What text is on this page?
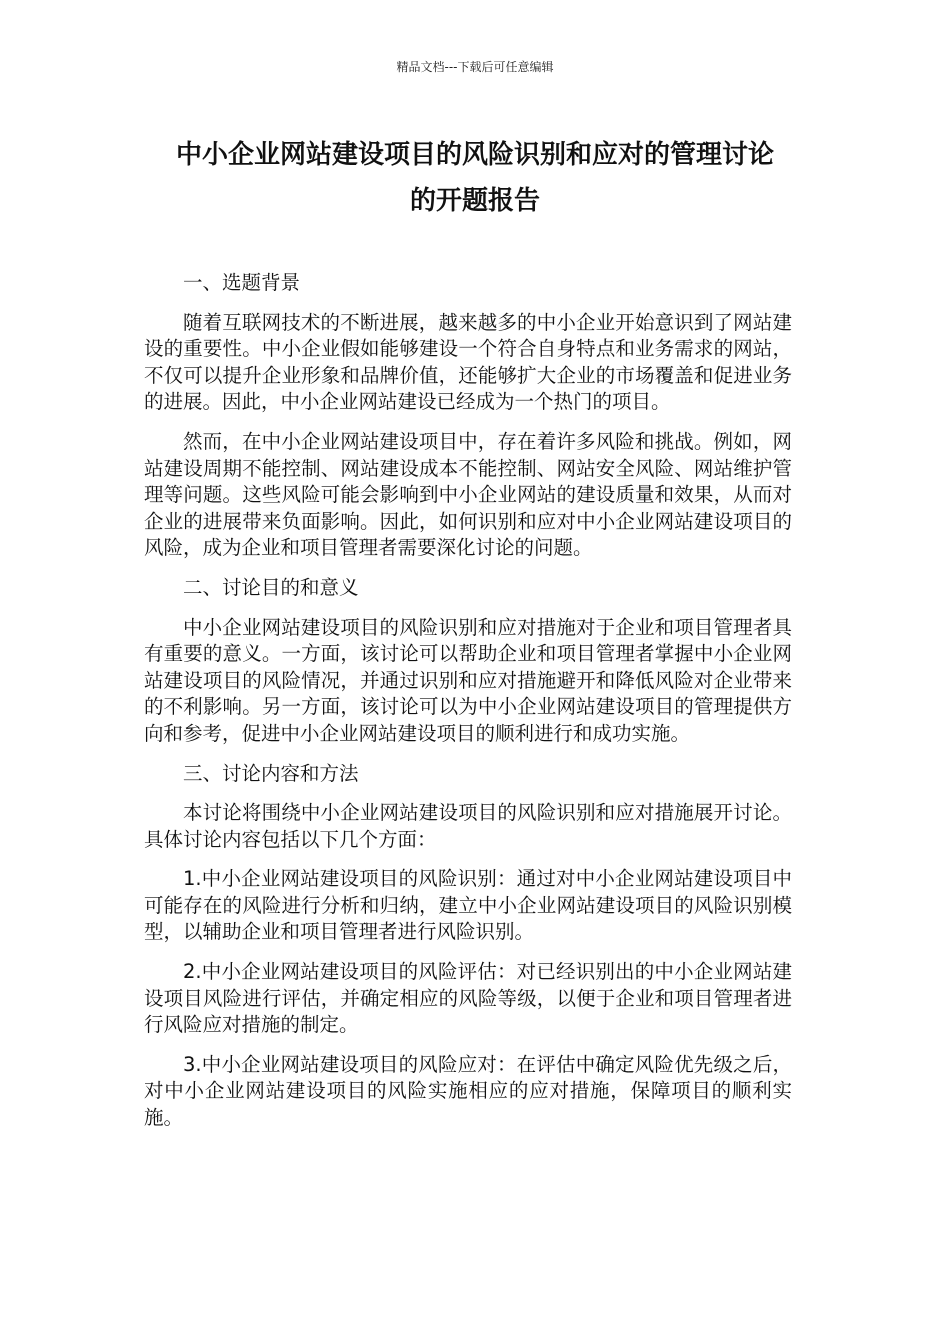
精品文档---下载后可任意编辑
中小企业网站建设项目的风险识别和应对的管理讨论
的开题报告

一、选题背景

随着互联网技术的不断进展，越来越多的中小企业开始意识到了网站建设的重要性。中小企业假如能够建设一个符合自身特点和业务需求的网站，不仅可以提升企业形象和品牌价值，还能够扩大企业的市场覆盖和促进业务的进展。因此，中小企业网站建设已经成为一个热门的项目。

然而，在中小企业网站建设项目中，存在着许多风险和挑战。例如，网站建设周期不能控制、网站建设成本不能控制、网站安全风险、网站维护管理等问题。这些风险可能会影响到中小企业网站的建设质量和效果，从而对企业的进展带来负面影响。因此，如何识别和应对中小企业网站建设项目的风险，成为企业和项目管理者需要深化讨论的问题。

二、讨论目的和意义

中小企业网站建设项目的风险识别和应对措施对于企业和项目管理者具有重要的意义。一方面，该讨论可以帮助企业和项目管理者掌握中小企业网站建设项目的风险情况，并通过识别和应对措施避开和降低风险对企业带来的不利影响。另一方面，该讨论可以为中小企业网站建设项目的管理提供方向和参考，促进中小企业网站建设项目的顺利进行和成功实施。

三、讨论内容和方法

本讨论将围绕中小企业网站建设项目的风险识别和应对措施展开讨论。具体讨论内容包括以下几个方面：

1.中小企业网站建设项目的风险识别：通过对中小企业网站建设项目中可能存在的风险进行分析和归纳，建立中小企业网站建设项目的风险识别模型，以辅助企业和项目管理者进行风险识别。

2.中小企业网站建设项目的风险评估：对已经识别出的中小企业网站建设项目风险进行评估，并确定相应的风险等级，以便于企业和项目管理者进行风险应对措施的制定。

3.中小企业网站建设项目的风险应对：在评估中确定风险优先级之后，对中小企业网站建设项目的风险实施相应的应对措施，保障项目的顺利实施。
